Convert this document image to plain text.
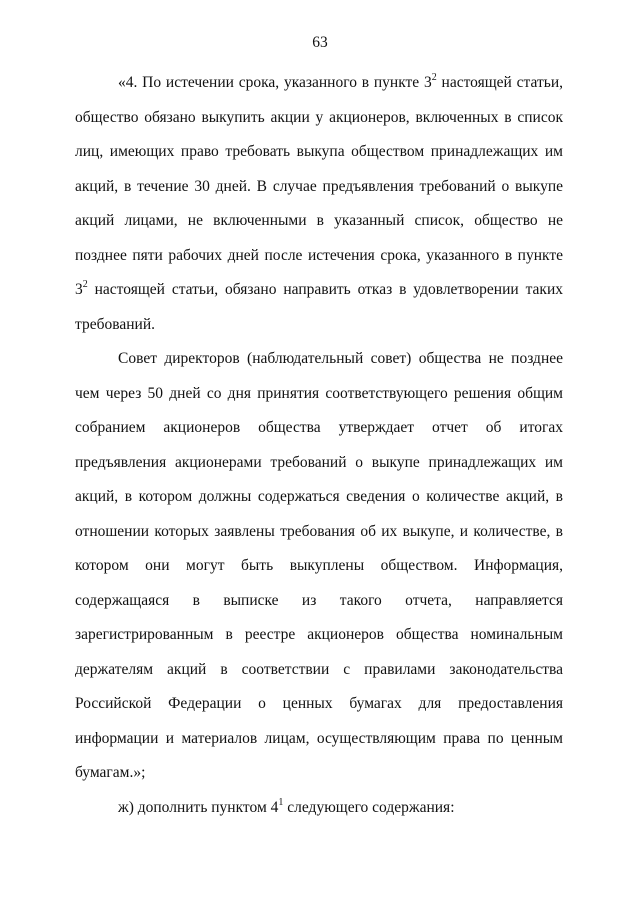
63

«4. По истечении срока, указанного в пункте $3^2$ настоящей статьи, общество обязано выкупить акции у акционеров, включенных в список лиц, имеющих право требовать выкупа обществом принадлежащих им акций, в течение 30 дней. В случае предъявления требований о выкупе акций лицами, не включенными в указанный список, общество не позднее пяти рабочих дней после истечения срока, указанного в пункте $3^2$ настоящей статьи, обязано направить отказ в удовлетворении таких требований.

Совет директоров (наблюдательный совет) общества не позднее чем через 50 дней со дня принятия соответствующего решения общим собранием акционеров общества утверждает отчет об итогах предъявления акционерами требований о выкупе принадлежащих им акций, в котором должны содержаться сведения о количестве акций, в отношении которых заявлены требования об их выкупе, и количестве, в котором они могут быть выкуплены обществом. Информация, содержащаяся в выписке из такого отчета, направляется зарегистрированным в реестре акционеров общества номинальным держателям акций в соответствии с правилами законодательства Российской Федерации о ценных бумагах для предоставления информации и материалов лицам, осуществляющим права по ценным бумагам.»;

ж) дополнить пунктом $4^1$ следующего содержания:
